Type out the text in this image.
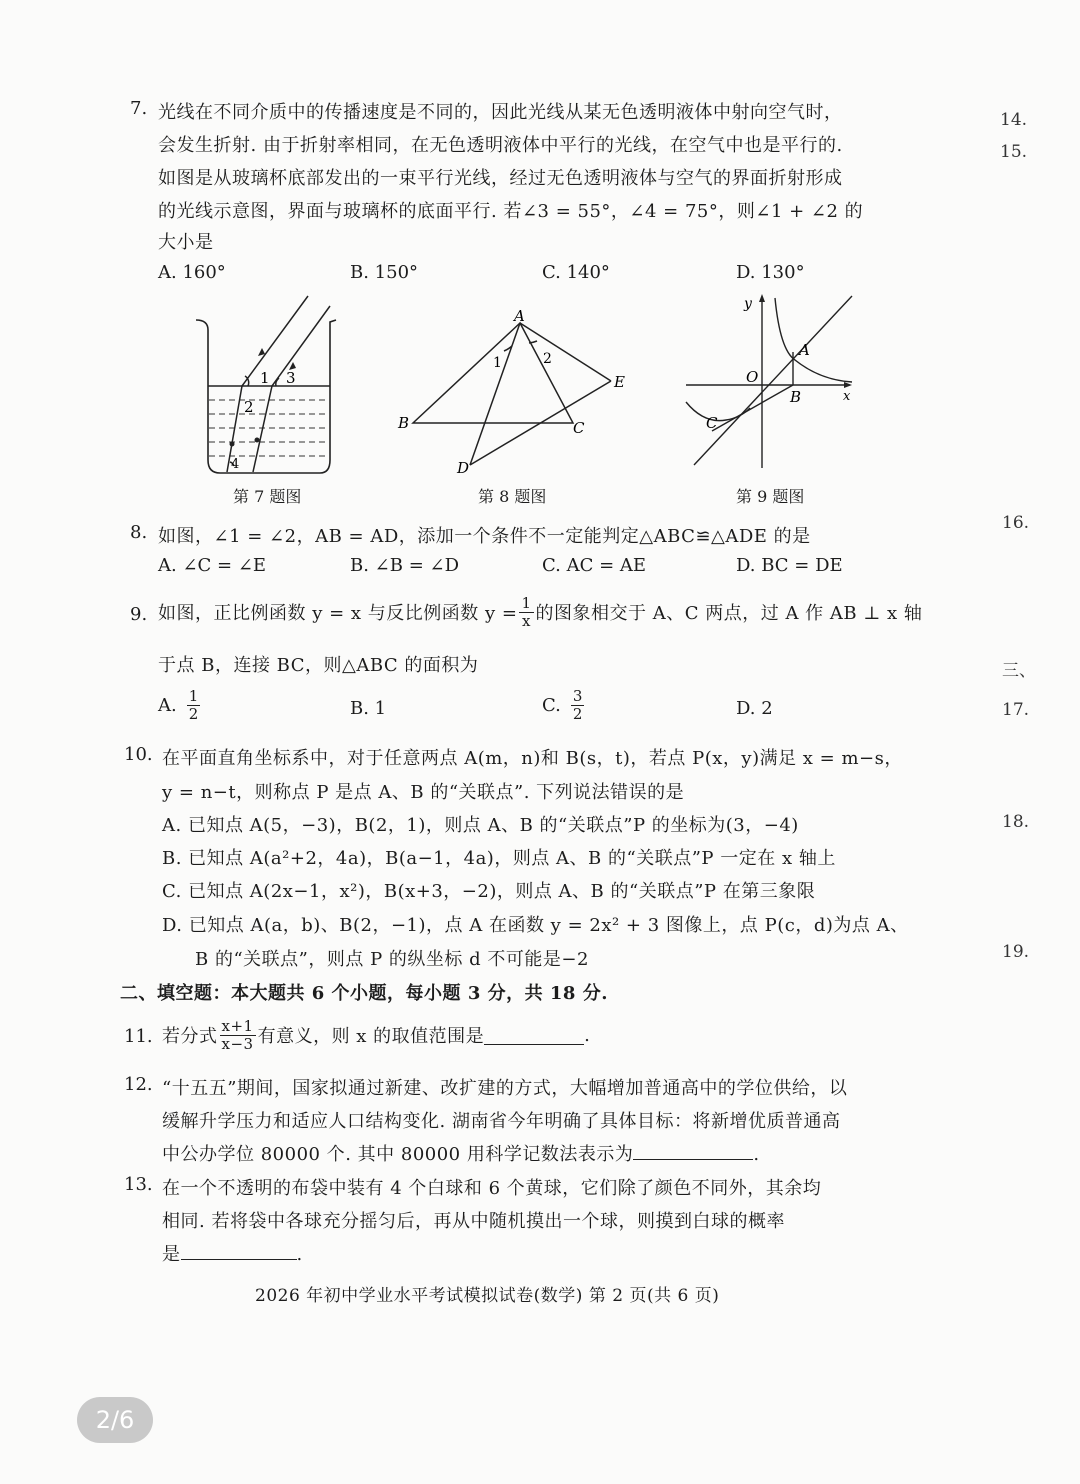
14.
15.
16.
三、
17.
18.
19.
7. 光线在不同介质中的传播速度是不同的，因此光线从某无色透明液体中射向空气时，
会发生折射. 由于折射率相同，在无色透明液体中平行的光线，在空气中也是平行的.
如图是从玻璃杯底部发出的一束平行光线，经过无色透明液体与空气的界面折射形成
的光线示意图，界面与玻璃杯的底面平行. 若∠3 = 55°，∠4 = 75°，则∠1 + ∠2 的
大小是
A. 160°	B. 150°	C. 140°	D. 130°
1 3
2
4
第 7 题图
A
1	2
E
B	C
D
第 8 题图
y
A
O
B	x
C
第 9 题图
8. 如图，∠1 = ∠2，AB = AD，添加一个条件不一定能判定△ABC≌△ADE 的是
A. ∠C = ∠E	B. ∠B = ∠D	C. AC = AE	D. BC = DE
9. 如图，正比例函数 y = x 与反比例函数 $y = \frac{1}{x}$ 的图象相交于 A、C 两点，过 A 作 AB ⊥ x 轴
于点 B，连接 BC，则△ABC 的面积为
A. $\frac{1}{2}$	B. 1	C. $\frac{3}{2}$	D. 2
10. 在平面直角坐标系中，对于任意两点 A(m，n)和 B(s，t)，若点 P(x，y)满足 x = m−s，
y = n−t，则称点 P 是点 A、B 的“关联点”. 下列说法错误的是
A. 已知点 A(5，−3)，B(2，1)，则点 A、B 的“关联点”P 的坐标为(3，−4)
B. 已知点 A(a²+2，4a)，B(a−1，4a)，则点 A、B 的“关联点”P 一定在 x 轴上
C. 已知点 A(2x−1，x²)，B(x+3，−2)，则点 A、B 的“关联点”P 在第三象限
D. 已知点 A(a，b)、B(2，−1)，点 A 在函数 y = 2x² + 3 图像上，点 P(c，d)为点 A、
B 的“关联点”，则点 P 的纵坐标 d 不可能是−2
二、填空题：本大题共 6 个小题，每小题 3 分，共 18 分.
11. 若分式 $\frac{x+1}{x-3}$ 有意义，则 x 的取值范围是	.
12. “十五五”期间，国家拟通过新建、改扩建的方式，大幅增加普通高中的学位供给，以
缓解升学压力和适应人口结构变化. 湖南省今年明确了具体目标：将新增优质普通高
中公办学位 80000 个. 其中 80000 用科学记数法表示为	.
13. 在一个不透明的布袋中装有 4 个白球和 6 个黄球，它们除了颜色不同外，其余均
相同. 若将袋中各球充分摇匀后，再从中随机摸出一个球，则摸到白球的概率
是	.
2026 年初中学业水平考试模拟试卷(数学) 第 2 页(共 6 页)
2/6
